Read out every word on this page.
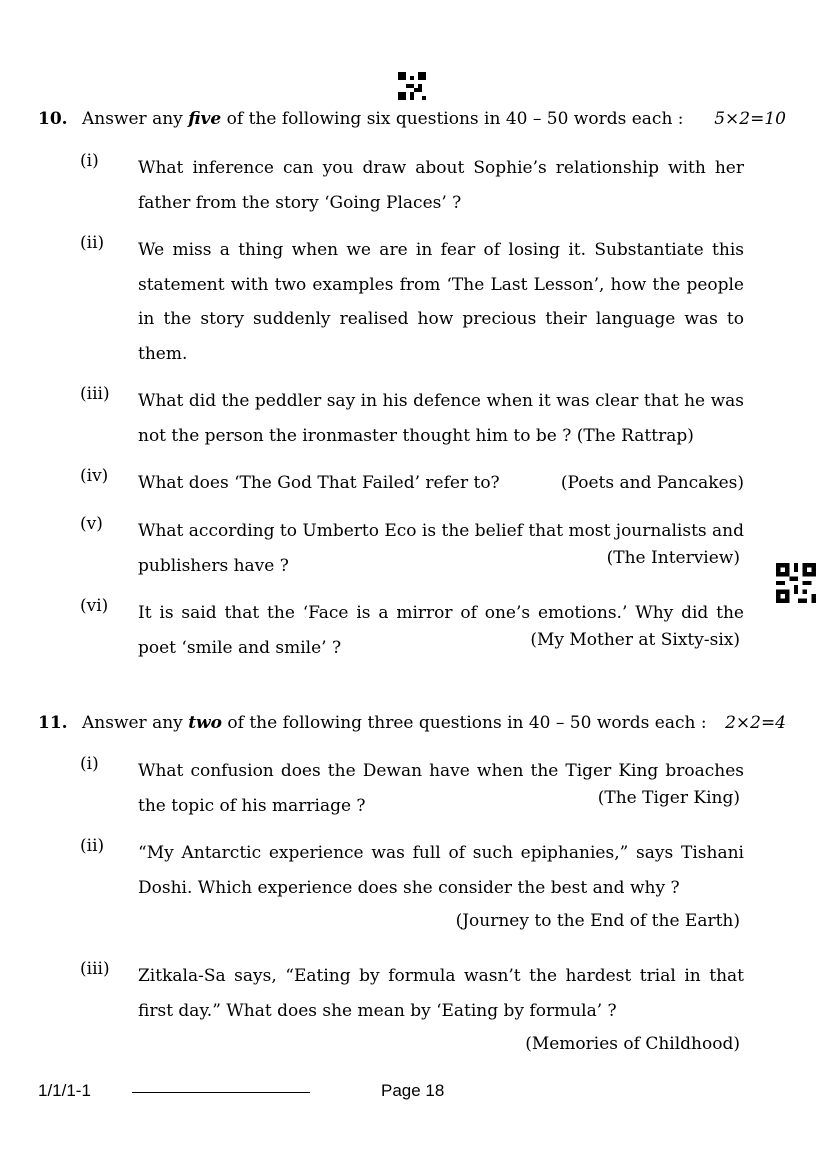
10. Answer any five of the following six questions in 40 – 50 words each : 5×2=10
(i)	What inference can you draw about Sophie’s relationship with her father from the story ‘Going Places’ ?
(ii)	We miss a thing when we are in fear of losing it. Substantiate this statement with two examples from ‘The Last Lesson’, how the people in the story suddenly realised how precious their language was to them.
(iii)	What did the peddler say in his defence when it was clear that he was not the person the ironmaster thought him to be ? (The Rattrap)
(iv)	What does ‘The God That Failed’ refer to?	(Poets and Pancakes)
(v)	What according to Umberto Eco is the belief that most journalists and publishers have ?	(The Interview)
(vi)	It is said that the ‘Face is a mirror of one’s emotions.’ Why did the poet ‘smile and smile’ ?	(My Mother at Sixty-six)
11. Answer any two of the following three questions in 40 – 50 words each : 2×2=4
(i)	What confusion does the Dewan have when the Tiger King broaches the topic of his marriage ?	(The Tiger King)
(ii)	“My Antarctic experience was full of such epiphanies,” says Tishani Doshi. Which experience does she consider the best and why ?
(Journey to the End of the Earth)
(iii)	Zitkala-Sa says, “Eating by formula wasn’t the hardest trial in that first day.” What does she mean by ‘Eating by formula’ ?
(Memories of Childhood)
1/1/1-1	Page 18
